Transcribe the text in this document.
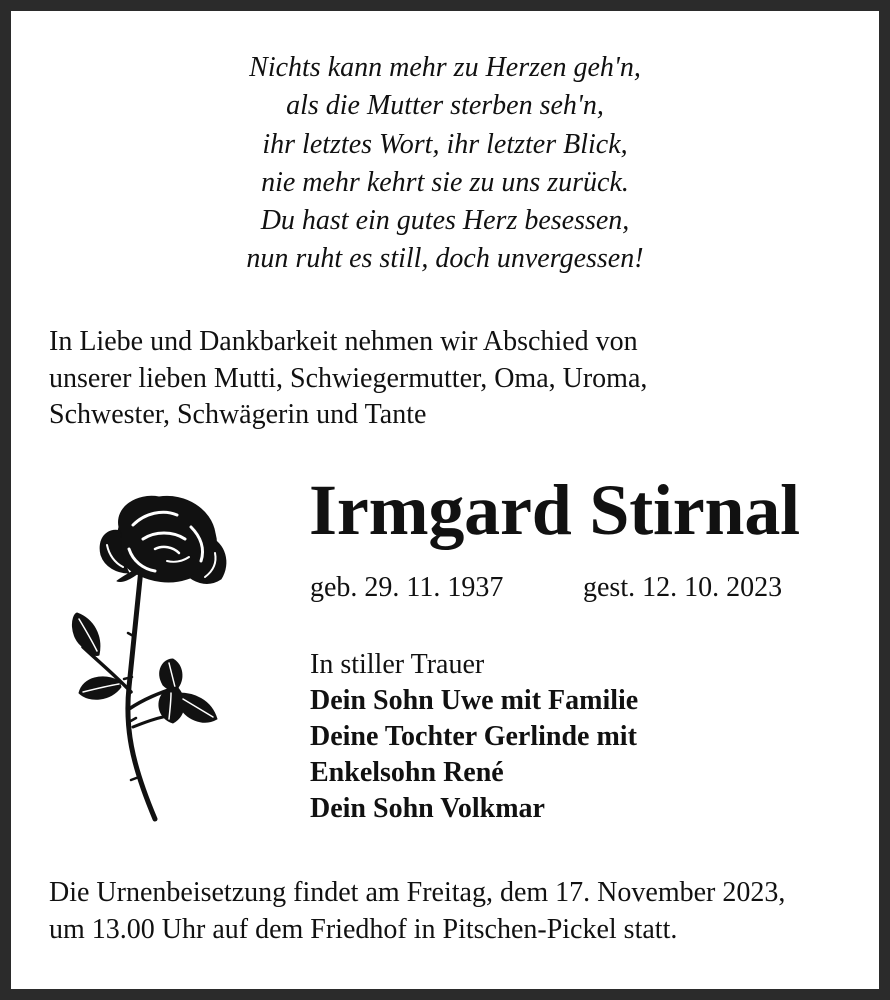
Nichts kann mehr zu Herzen geh'n,
als die Mutter sterben seh'n,
ihr letztes Wort, ihr letzter Blick,
nie mehr kehrt sie zu uns zurück.
Du hast ein gutes Herz besessen,
nun ruht es still, doch unvergessen!
In Liebe und Dankbarkeit nehmen wir Abschied von
unserer lieben Mutti, Schwiegermutter, Oma, Uroma,
Schwester, Schwägerin und Tante
Irmgard Stirnal
geb. 29. 11. 1937	gest. 12. 10. 2023
In stiller Trauer
Dein Sohn Uwe mit Familie
Deine Tochter Gerlinde mit
Enkelsohn René
Dein Sohn Volkmar
Die Urnenbeisetzung findet am Freitag, dem 17. November 2023,
um 13.00 Uhr auf dem Friedhof in Pitschen-Pickel statt.
